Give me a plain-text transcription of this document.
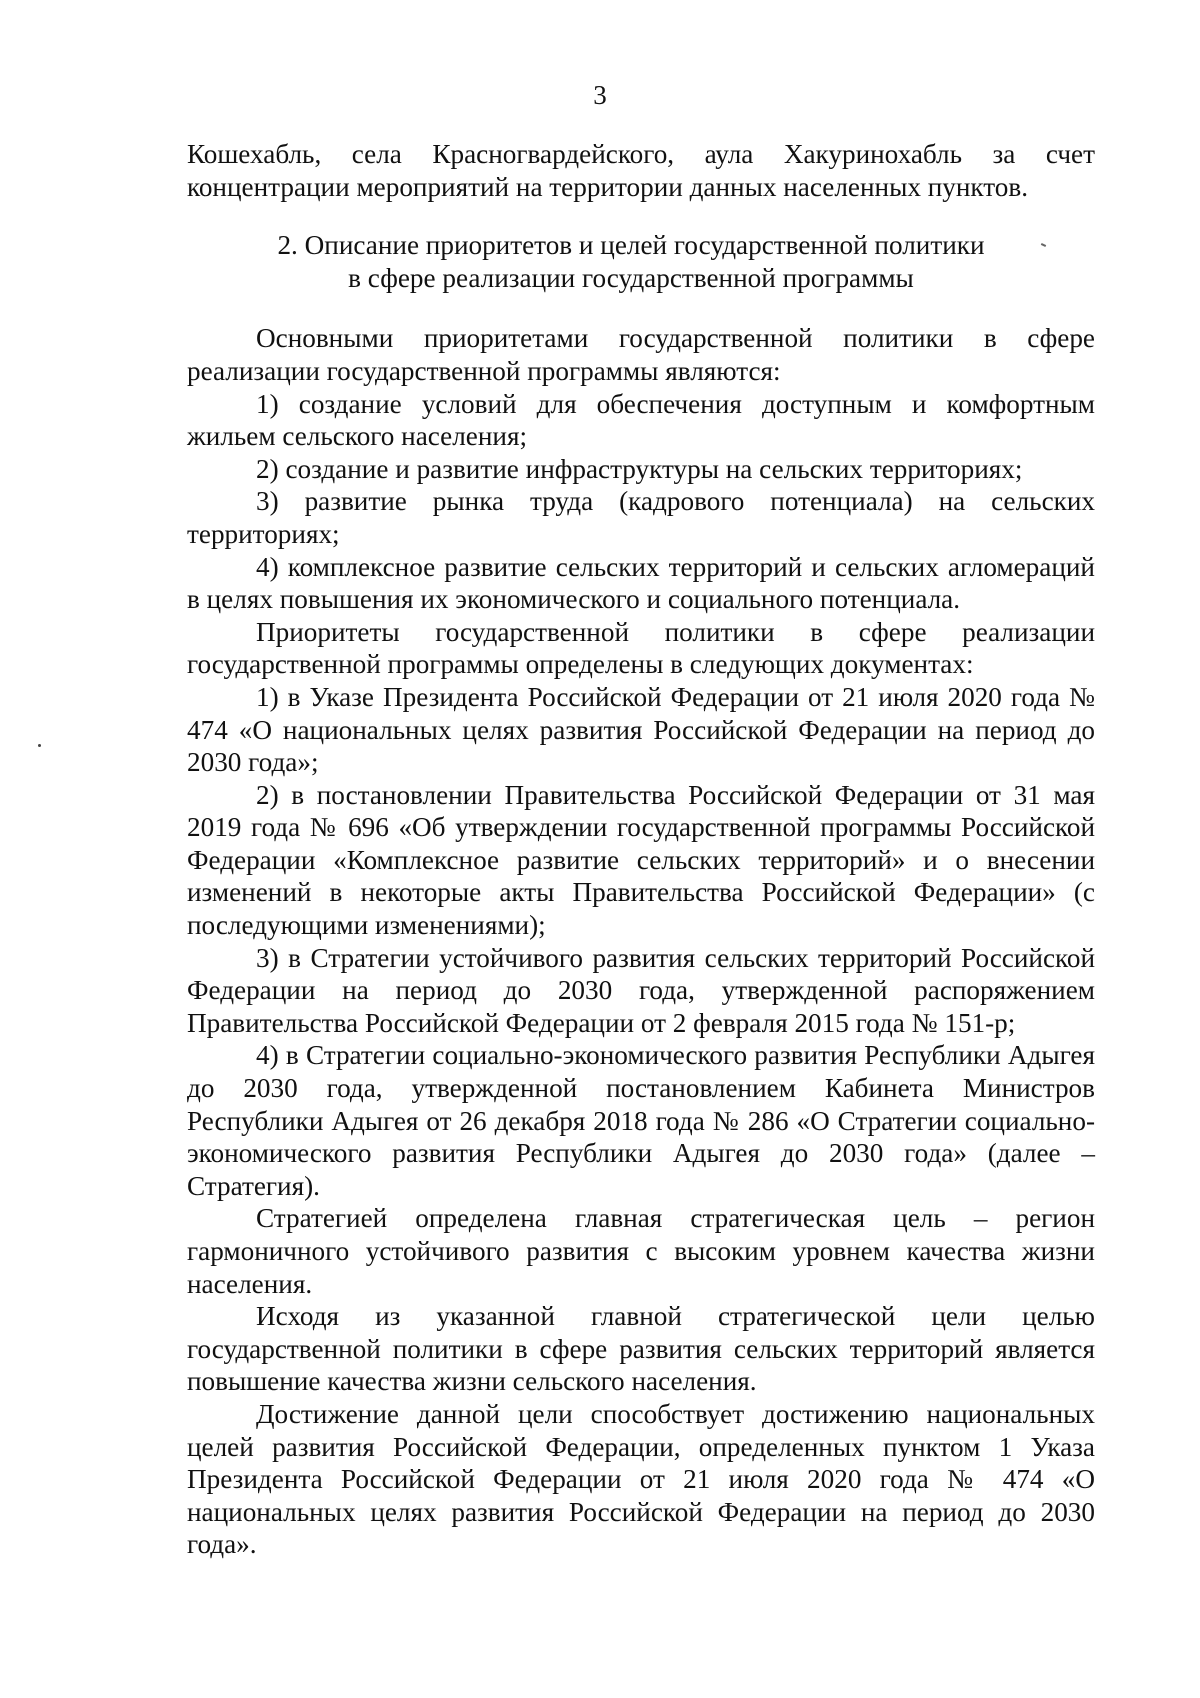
3

Кошехабль, села Красногвардейского, аула Хакуринохабль за счет концентрации мероприятий на территории данных населенных пунктов.

2. Описание приоритетов и целей государственной политики
в сфере реализации государственной программы

Основными приоритетами государственной политики в сфере реализации государственной программы являются:

1) создание условий для обеспечения доступным и комфортным жильем сельского населения;

2) создание и развитие инфраструктуры на сельских территориях;

3) развитие рынка труда (кадрового потенциала) на сельских территориях;

4) комплексное развитие сельских территорий и сельских агломераций в целях повышения их экономического и социального потенциала.

Приоритеты государственной политики в сфере реализации государственной программы определены в следующих документах:

1) в Указе Президента Российской Федерации от 21 июля 2020 года № 474 «О национальных целях развития Российской Федерации на период до 2030 года»;

2) в постановлении Правительства Российской Федерации от 31 мая 2019 года № 696 «Об утверждении государственной программы Российской Федерации «Комплексное развитие сельских территорий» и о внесении изменений в некоторые акты Правительства Российской Федерации» (с последующими изменениями);

3) в Стратегии устойчивого развития сельских территорий Российской Федерации на период до 2030 года, утвержденной распоряжением Правительства Российской Федерации от 2 февраля 2015 года № 151-р;

4) в Стратегии социально-экономического развития Республики Адыгея до 2030 года, утвержденной постановлением Кабинета Министров Республики Адыгея от 26 декабря 2018 года № 286 «О Стратегии социально-экономического развития Республики Адыгея до 2030 года» (далее – Стратегия).

Стратегией определена главная стратегическая цель – регион гармоничного устойчивого развития с высоким уровнем качества жизни населения.

Исходя из указанной главной стратегической цели целью государственной политики в сфере развития сельских территорий является повышение качества жизни сельского населения.

Достижение данной цели способствует достижению национальных целей развития Российской Федерации, определенных пунктом 1 Указа Президента Российской Федерации от 21 июля 2020 года № 474 «О национальных целях развития Российской Федерации на период до 2030 года».
